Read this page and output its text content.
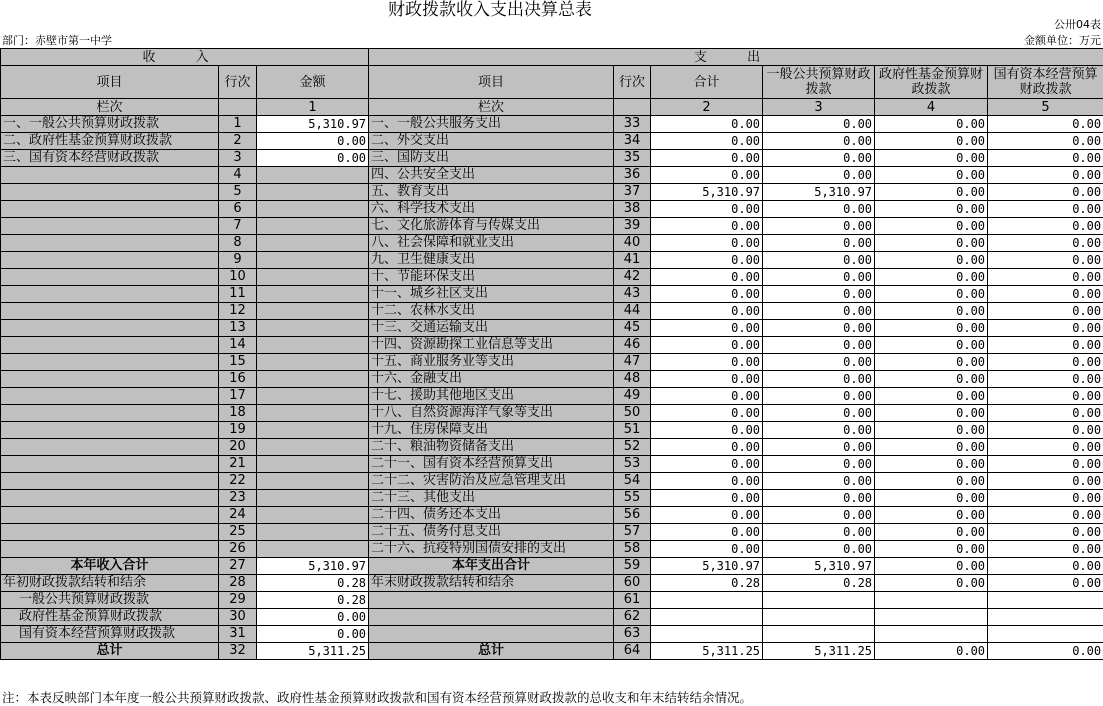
财政拨款收入支出决算总表
公卅04表
部门：赤壁市第一中学	金额单位：万元
收 入			支 出					
项目	行次	金额	项目	行次	合计	一般公共预算财政拨款	政府性基金预算财政拨款	国有资本经营预算财政拨款
栏次		1	栏次		2	3	4	5
一、一般公共预算财政拨款	1	5,310.97	一、一般公共服务支出	33	0.00	0.00	0.00	0.00
二、政府性基金预算财政拨款	2	0.00	二、外交支出	34	0.00	0.00	0.00	0.00
三、国有资本经营财政拨款	3	0.00	三、国防支出	35	0.00	0.00	0.00	0.00
	4		四、公共安全支出	36	0.00	0.00	0.00	0.00
	5		五、教育支出	37	5,310.97	5,310.97	0.00	0.00
	6		六、科学技术支出	38	0.00	0.00	0.00	0.00
	7		七、文化旅游体育与传媒支出	39	0.00	0.00	0.00	0.00
	8		八、社会保障和就业支出	40	0.00	0.00	0.00	0.00
	9		九、卫生健康支出	41	0.00	0.00	0.00	0.00
	10		十、节能环保支出	42	0.00	0.00	0.00	0.00
	11		十一、城乡社区支出	43	0.00	0.00	0.00	0.00
	12		十二、农林水支出	44	0.00	0.00	0.00	0.00
	13		十三、交通运输支出	45	0.00	0.00	0.00	0.00
	14		十四、资源勘探工业信息等支出	46	0.00	0.00	0.00	0.00
	15		十五、商业服务业等支出	47	0.00	0.00	0.00	0.00
	16		十六、金融支出	48	0.00	0.00	0.00	0.00
	17		十七、援助其他地区支出	49	0.00	0.00	0.00	0.00
	18		十八、自然资源海洋气象等支出	50	0.00	0.00	0.00	0.00
	19		十九、住房保障支出	51	0.00	0.00	0.00	0.00
	20		二十、粮油物资储备支出	52	0.00	0.00	0.00	0.00
	21		二十一、国有资本经营预算支出	53	0.00	0.00	0.00	0.00
	22		二十二、灾害防治及应急管理支出	54	0.00	0.00	0.00	0.00
	23		二十三、其他支出	55	0.00	0.00	0.00	0.00
	24		二十四、债务还本支出	56	0.00	0.00	0.00	0.00
	25		二十五、债务付息支出	57	0.00	0.00	0.00	0.00
	26		二十六、抗疫特别国债安排的支出	58	0.00	0.00	0.00	0.00
本年收入合计	27	5,310.97	本年支出合计	59	5,310.97	5,310.97	0.00	0.00
年初财政拨款结转和结余	28	0.28	年末财政拨款结转和结余	60	0.28	0.28	0.00	0.00
一般公共预算财政拨款	29	0.28		61				
政府性基金预算财政拨款	30	0.00		62				
国有资本经营预算财政拨款	31	0.00		63				
总计	32	5,311.25	总计	64	5,311.25	5,311.25	0.00	0.00
注：本表反映部门本年度一般公共预算财政拨款、政府性基金预算财政拨款和国有资本经营预算财政拨款的总收支和年末结转结余情况。
